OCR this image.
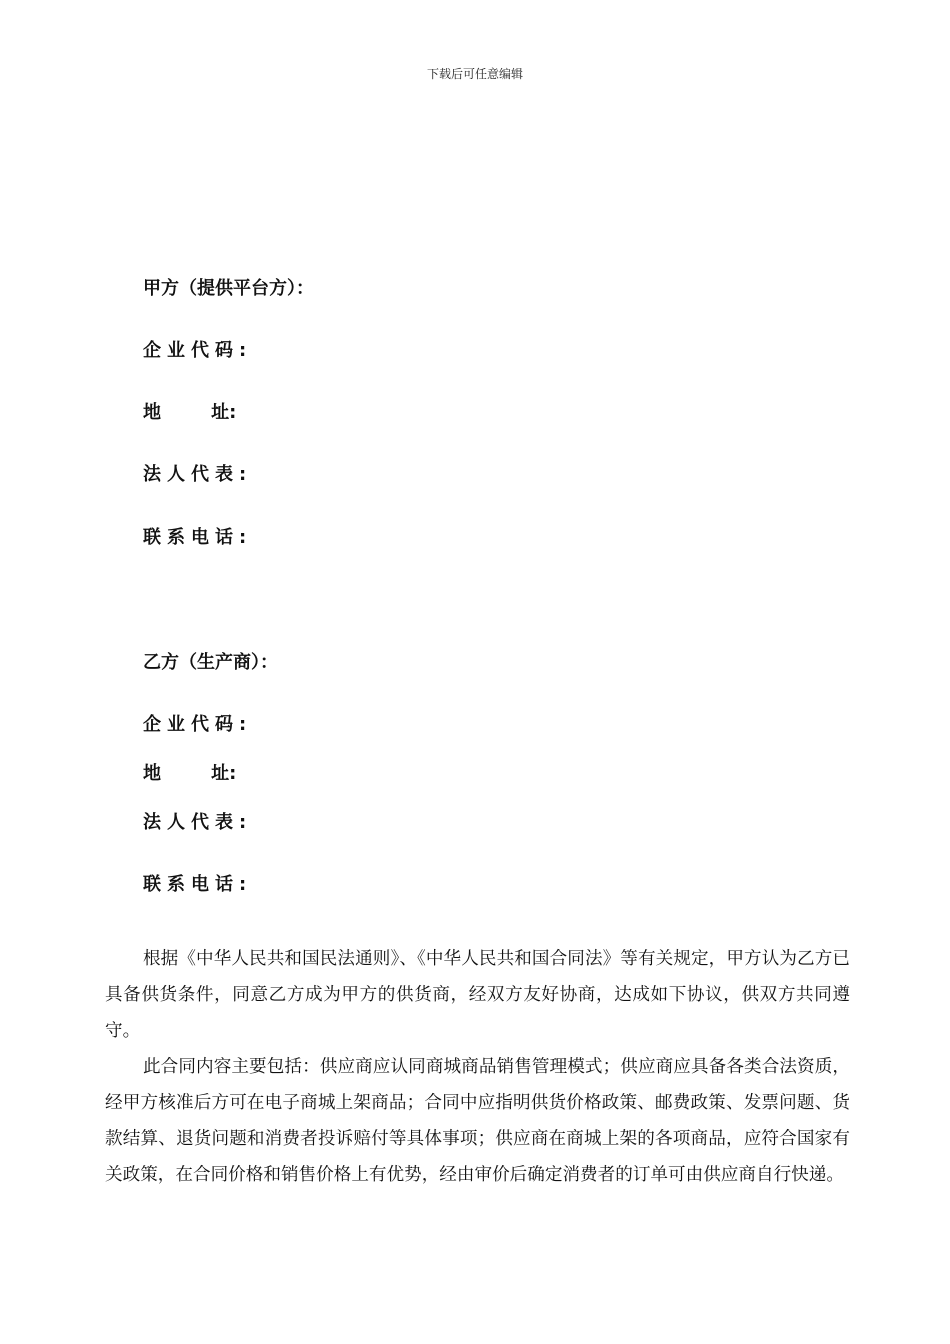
下载后可任意编辑
甲方（提供平台方）：
企业代码:
地        址:
法人代表:
联系电话:
乙方（生产商）：
企业代码:
地        址:
法人代表:
联系电话:
根据《中华人民共和国民法通则》、《中华人民共和国合同法》等有关规定，甲方认为乙方已具备供货条件，同意乙方成为甲方的供货商，经双方友好协商，达成如下协议，供双方共同遵守。
此合同内容主要包括：供应商应认同商城商品销售管理模式；供应商应具备各类合法资质，经甲方核准后方可在电子商城上架商品；合同中应指明供货价格政策、邮费政策、发票问题、货款结算、退货问题和消费者投诉赔付等具体事项；供应商在商城上架的各项商品，应符合国家有关政策，在合同价格和销售价格上有优势，经由审价后确定消费者的订单可由供应商自行快递。
